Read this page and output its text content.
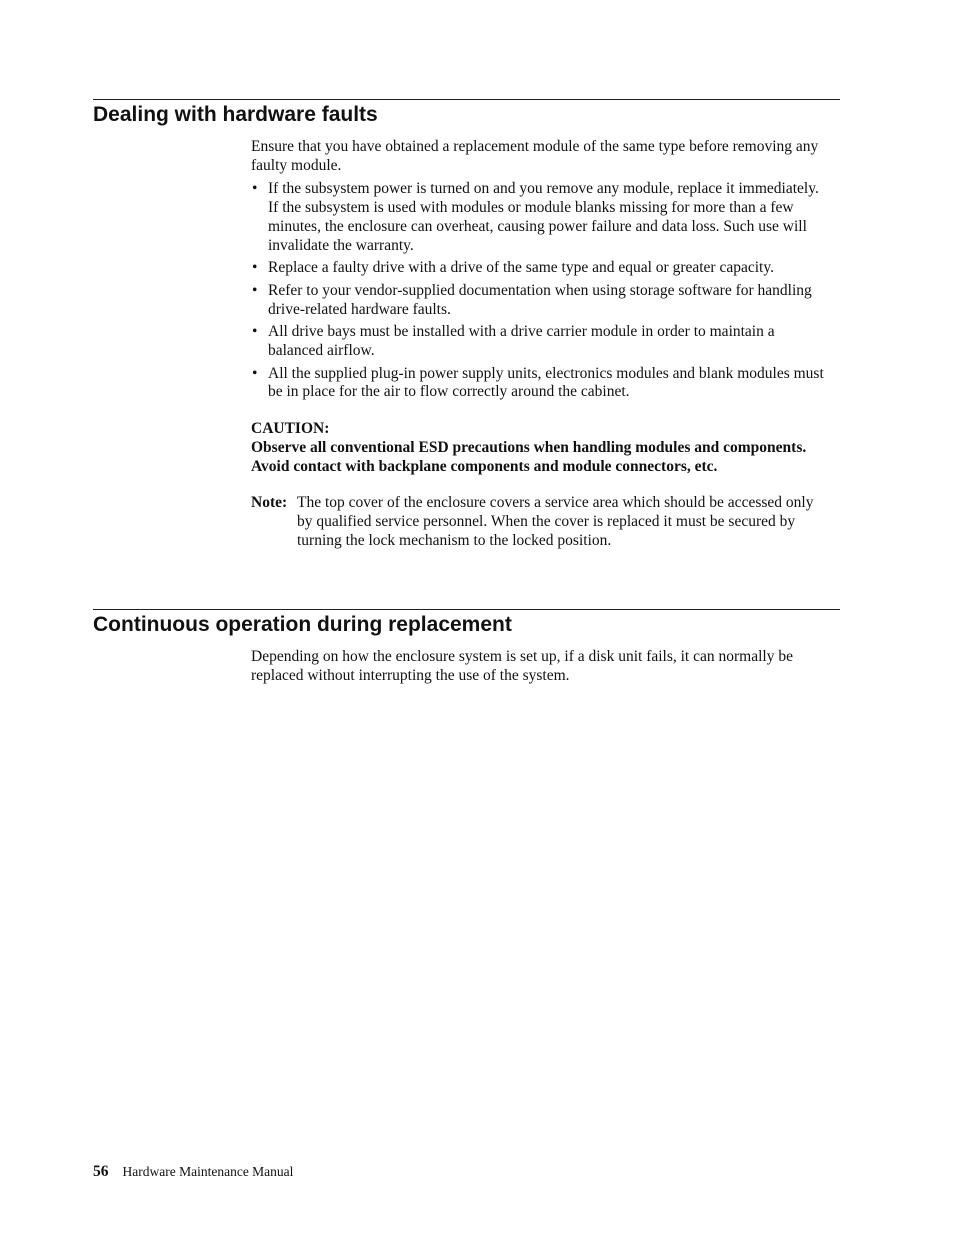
Dealing with hardware faults

Ensure that you have obtained a replacement module of the same type before removing any faulty module.

• If the subsystem power is turned on and you remove any module, replace it immediately. If the subsystem is used with modules or module blanks missing for more than a few minutes, the enclosure can overheat, causing power failure and data loss. Such use will invalidate the warranty.
• Replace a faulty drive with a drive of the same type and equal or greater capacity.
• Refer to your vendor-supplied documentation when using storage software for handling drive-related hardware faults.
• All drive bays must be installed with a drive carrier module in order to maintain a balanced airflow.
• All the supplied plug-in power supply units, electronics modules and blank modules must be in place for the air to flow correctly around the cabinet.

CAUTION:

Observe all conventional ESD precautions when handling modules and components. Avoid contact with backplane components and module connectors, etc.

Note: The top cover of the enclosure covers a service area which should be accessed only by qualified service personnel. When the cover is replaced it must be secured by turning the lock mechanism to the locked position.
Continuous operation during replacement

Depending on how the enclosure system is set up, if a disk unit fails, it can normally be replaced without interrupting the use of the system.

56 Hardware Maintenance Manual
